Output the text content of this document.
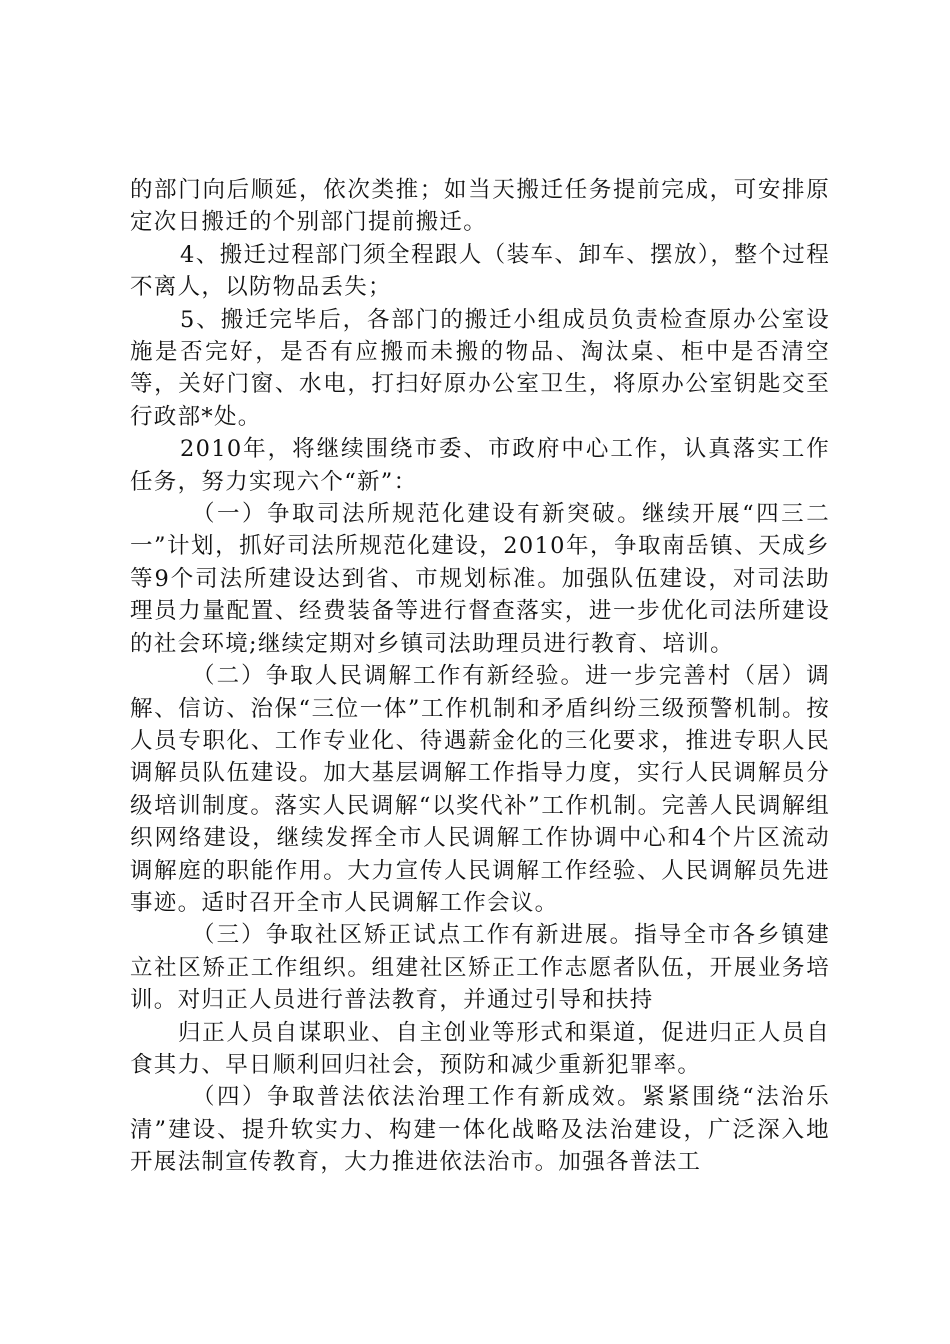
的部门向后顺延，依次类推；如当天搬迁任务提前完成，可安排原定次日搬迁的个别部门提前搬迁。

4、搬迁过程部门须全程跟人（装车、卸车、摆放），整个过程不离人，以防物品丢失；

5、搬迁完毕后，各部门的搬迁小组成员负责检查原办公室设施是否完好，是否有应搬而未搬的物品、淘汰桌、柜中是否清空等，关好门窗、水电，打扫好原办公室卫生，将原办公室钥匙交至行政部*处。

2010年，将继续围绕市委、市政府中心工作，认真落实工作任务，努力实现六个“新”：

（一）争取司法所规范化建设有新突破。继续开展“四三二一”计划，抓好司法所规范化建设，2010年，争取南岳镇、天成乡等9个司法所建设达到省、市规划标准。加强队伍建设，对司法助理员力量配置、经费装备等进行督查落实，进一步优化司法所建设的社会环境;继续定期对乡镇司法助理员进行教育、培训。

（二）争取人民调解工作有新经验。进一步完善村（居）调解、信访、治保“三位一体”工作机制和矛盾纠纷三级预警机制。按人员专职化、工作专业化、待遇薪金化的三化要求，推进专职人民调解员队伍建设。加大基层调解工作指导力度，实行人民调解员分级培训制度。落实人民调解“以奖代补”工作机制。完善人民调解组织网络建设，继续发挥全市人民调解工作协调中心和4个片区流动调解庭的职能作用。大力宣传人民调解工作经验、人民调解员先进事迹。适时召开全市人民调解工作会议。

（三）争取社区矫正试点工作有新进展。指导全市各乡镇建立社区矫正工作组织。组建社区矫正工作志愿者队伍，开展业务培训。对归正人员进行普法教育，并通过引导和扶持

归正人员自谋职业、自主创业等形式和渠道，促进归正人员自食其力、早日顺利回归社会，预防和减少重新犯罪率。

（四）争取普法依法治理工作有新成效。紧紧围绕“法治乐清”建设、提升软实力、构建一体化战略及法治建设，广泛深入地开展法制宣传教育，大力推进依法治市。加强各普法工
